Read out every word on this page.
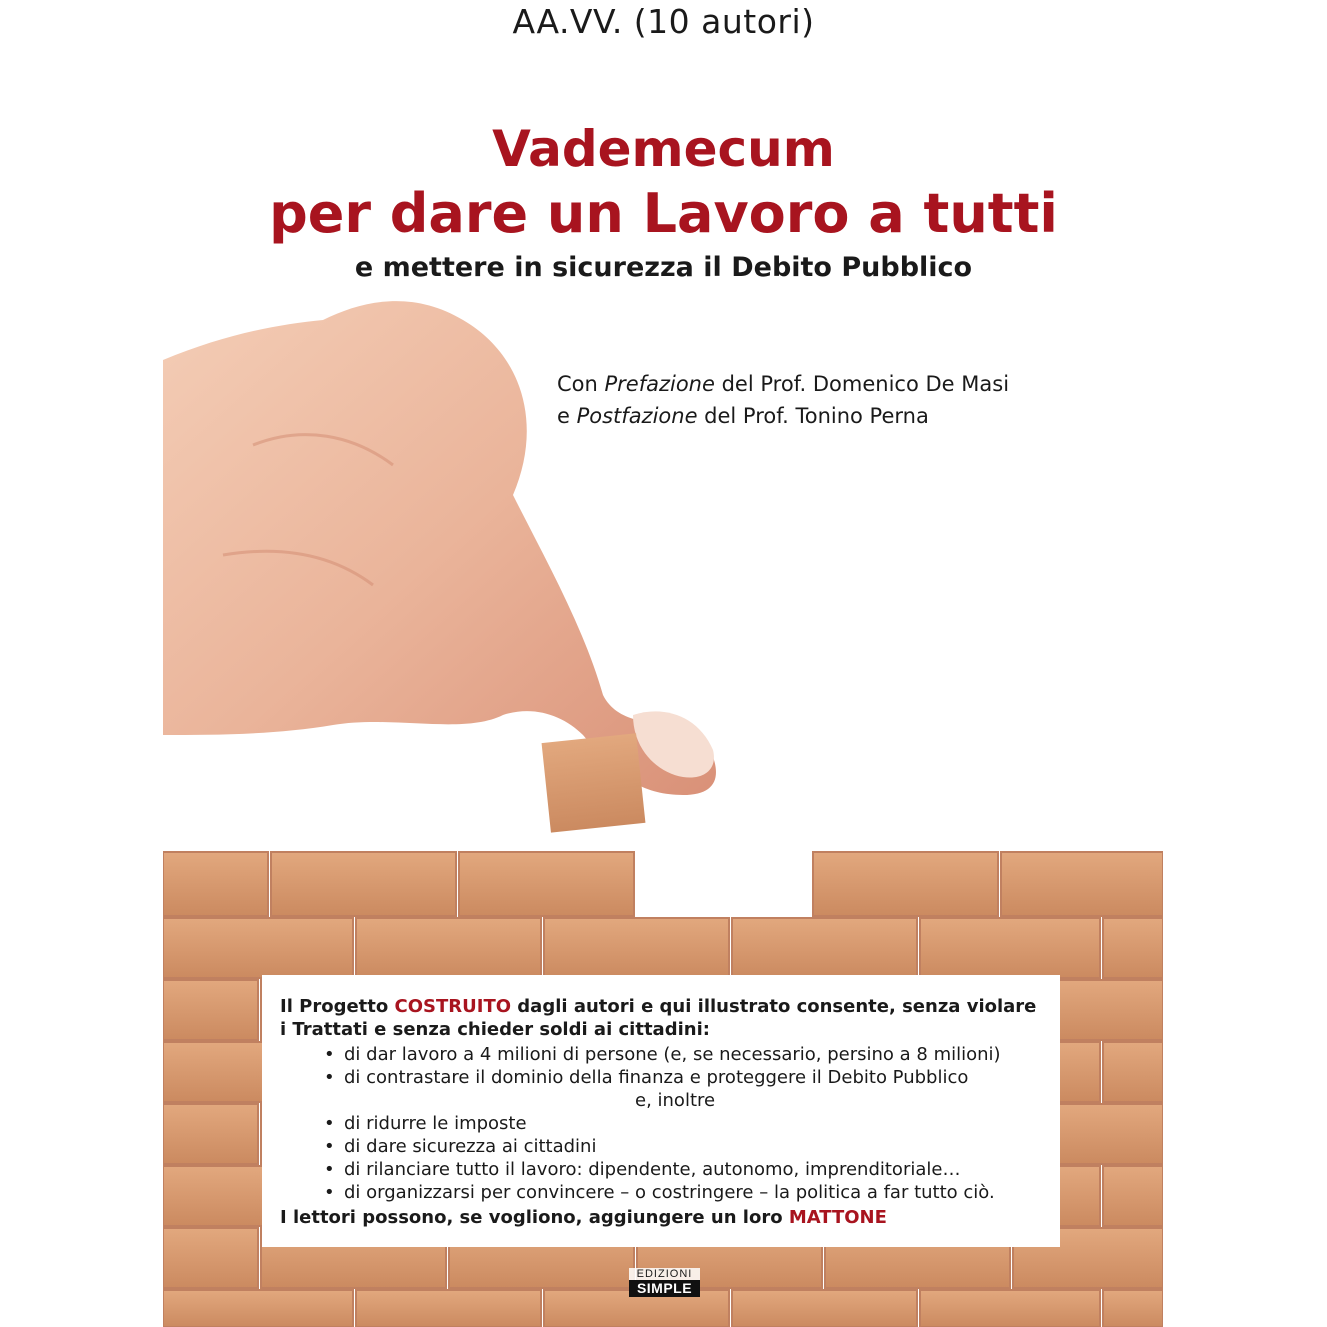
AA.VV. (10 autori)
Vademecum
per dare un Lavoro a tutti
e mettere in sicurezza il Debito Pubblico
Con Prefazione del Prof. Domenico De Masi
e Postfazione del Prof. Tonino Perna
Il Progetto COSTRUITO dagli autori e qui illustrato consente, senza violare i Trattati e senza chieder soldi ai cittadini:
• di dar lavoro a 4 milioni di persone (e, se necessario, persino a 8 milioni)
• di contrastare il dominio della finanza e proteggere il Debito Pubblico
e, inoltre
• di ridurre le imposte
• di dare sicurezza ai cittadini
• di rilanciare tutto il lavoro: dipendente, autonomo, imprenditoriale…
• di organizzarsi per convincere – o costringere – la politica a far tutto ciò.
I lettori possono, se vogliono, aggiungere un loro MATTONE
EDIZIONI
SIMPLE
